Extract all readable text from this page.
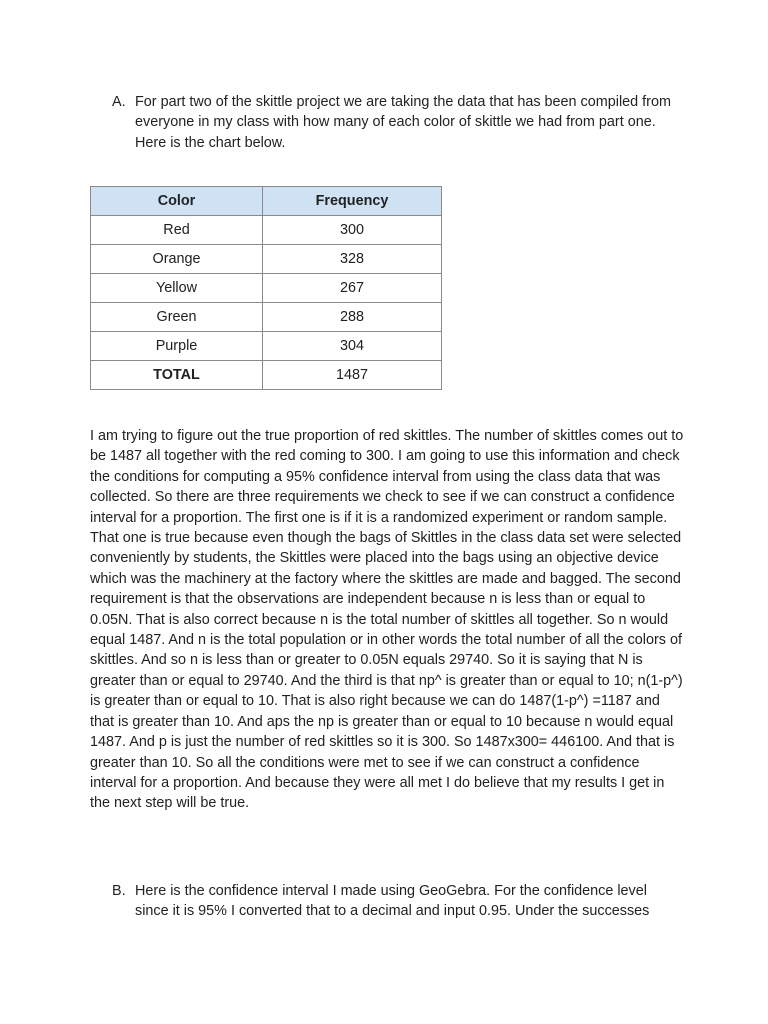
A. For part two of the skittle project we are taking the data that has been compiled from everyone in my class with how many of each color of skittle we had from part one. Here is the chart below.
Color	Frequency
Red	300
Orange	328
Yellow	267
Green	288
Purple	304
TOTAL	1487
I am trying to figure out the true proportion of red skittles. The number of skittles comes out to be 1487 all together with the red coming to 300. I am going to use this information and check the conditions for computing a 95% confidence interval from using the class data that was collected. So there are three requirements we check to see if we can construct a confidence interval for a proportion. The first one is if it is a randomized experiment or random sample. That one is true because even though the bags of Skittles in the class data set were selected conveniently by students, the Skittles were placed into the bags using an objective device which was the machinery at the factory where the skittles are made and bagged. The second requirement is that the observations are independent because n is less than or equal to 0.05N. That is also correct because n is the total number of skittles all together. So n would equal 1487. And n is the total population or in other words the total number of all the colors of skittles. And so n is less than or greater to 0.05N equals 29740. So it is saying that N is greater than or equal to 29740. And the third is that np^ is greater than or equal to 10; n(1-p^) is greater than or equal to 10. That is also right because we can do 1487(1-p^) =1187 and that is greater than 10. And aps the np is greater than or equal to 10 because n would equal 1487. And p is just the number of red skittles so it is 300. So 1487x300= 446100. And that is greater than 10. So all the conditions were met to see if we can construct a confidence interval for a proportion. And because they were all met I do believe that my results I get in the next step will be true.
B. Here is the confidence interval I made using GeoGebra. For the confidence level since it is 95% I converted that to a decimal and input 0.95. Under the successes
